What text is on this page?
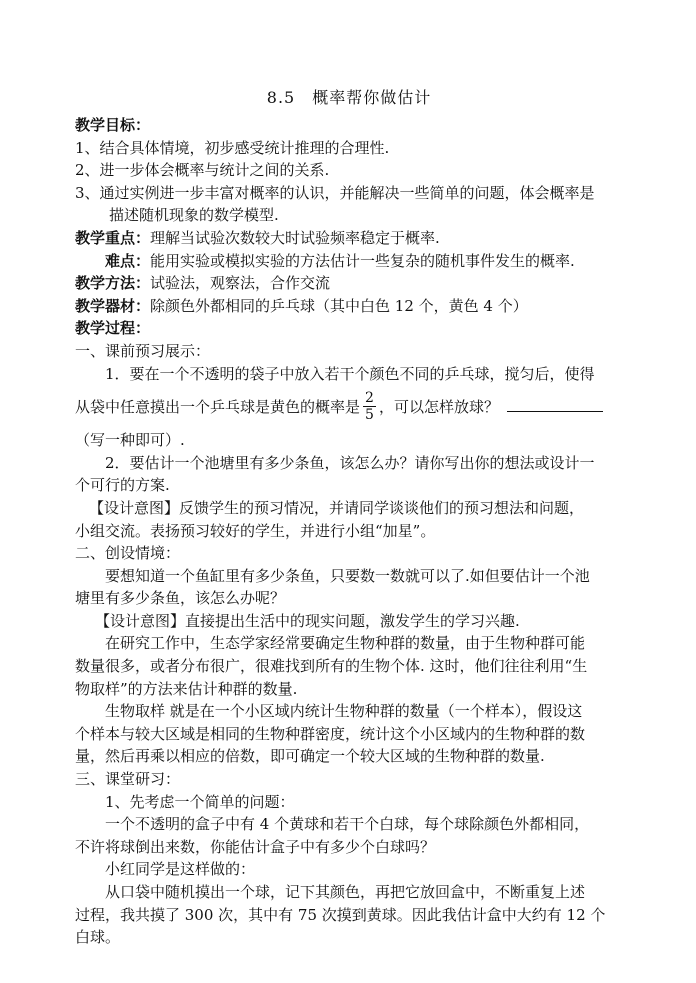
8.5　概率帮你做估计
教学目标：
1、结合具体情境，初步感受统计推理的合理性.
2、进一步体会概率与统计之间的关系.
3、通过实例进一步丰富对概率的认识，并能解决一些简单的问题，体会概率是
描述随机现象的数学模型.
教学重点：理解当试验次数较大时试验频率稳定于概率.
难点：能用实验或模拟实验的方法估计一些复杂的随机事件发生的概率.
教学方法：试验法，观察法，合作交流
教学器材：除颜色外都相同的乒乓球（其中白色 12 个，黄色 4 个）
教学过程：
一、课前预习展示：
1．要在一个不透明的袋子中放入若干个颜色不同的乒乓球，搅匀后，使得
从袋中任意摸出一个乒乓球是黄色的概率是 $\frac{2}{5}$ ，可以怎样放球？
（写一种即可）.
2．要估计一个池塘里有多少条鱼，该怎么办？请你写出你的想法或设计一
个可行的方案.
【设计意图】反馈学生的预习情况，并请同学谈谈他们的预习想法和问题，
小组交流。表扬预习较好的学生，并进行小组“加星”。
二、创设情境：
要想知道一个鱼缸里有多少条鱼，只要数一数就可以了.如但要估计一个池
塘里有多少条鱼，该怎么办呢？
【设计意图】直接提出生活中的现实问题，激发学生的学习兴趣.
在研究工作中，生态学家经常要确定生物种群的数量，由于生物种群可能
数量很多，或者分布很广，很难找到所有的生物个体. 这时，他们往往利用“生
物取样”的方法来估计种群的数量.
生物取样 就是在一个小区域内统计生物种群的数量（一个样本），假设这
个样本与较大区域是相同的生物种群密度，统计这个小区域内的生物种群的数
量，然后再乘以相应的倍数，即可确定一个较大区域的生物种群的数量.
三、课堂研习：
1、先考虑一个简单的问题：
一个不透明的盒子中有 4 个黄球和若干个白球，每个球除颜色外都相同，
不许将球倒出来数，你能估计盒子中有多少个白球吗？
小红同学是这样做的：
从口袋中随机摸出一个球，记下其颜色，再把它放回盒中，不断重复上述
过程，我共摸了 300 次，其中有 75 次摸到黄球。因此我估计盒中大约有 12 个
白球。
